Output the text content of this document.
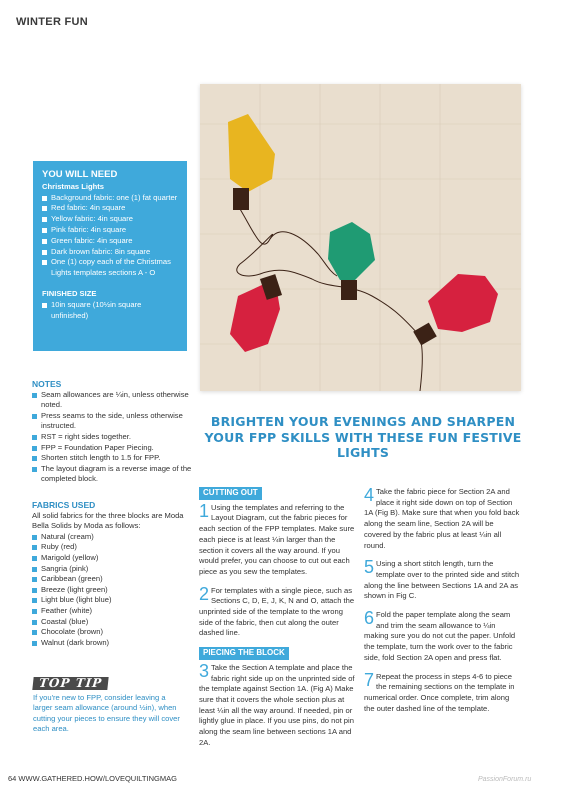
WINTER FUN
YOU WILL NEED
Christmas Lights
Background fabric: one (1) fat quarter
Red fabric: 4in square
Yellow fabric: 4in square
Pink fabric: 4in square
Green fabric: 4in square
Dark brown fabric: 8in square
One (1) copy each of the Christmas Lights templates sections A - O
FINISHED SIZE
10in square (10½in square unfinished)
NOTES
Seam allowances are ¼in, unless otherwise noted.
Press seams to the side, unless otherwise instructed.
RST = right sides together.
FPP = Foundation Paper Piecing.
Shorten stitch length to 1.5 for FPP.
The layout diagram is a reverse image of the completed block.
FABRICS USED
All solid fabrics for the three blocks are Moda Bella Solids by Moda as follows:
Natural (cream)
Ruby (red)
Marigold (yellow)
Sangria (pink)
Caribbean (green)
Breeze (light green)
Light blue (light blue)
Feather (white)
Coastal (blue)
Chocolate (brown)
Walnut (dark brown)
TOP TIP
If you're new to FPP, consider leaving a larger seam allowance (around ½in), when cutting your pieces to ensure they will cover each area.
BRIGHTEN YOUR EVENINGS AND SHARPEN YOUR FPP SKILLS WITH THESE FUN FESTIVE LIGHTS
CUTTING OUT
1 Using the templates and referring to the Layout Diagram, cut the fabric pieces for each section of the FPP templates. Make sure each piece is at least ¼in larger than the section it covers all the way around. If you would prefer, you can choose to cut out each piece as you sew the templates.
2 For templates with a single piece, such as Sections C, D, E, J, K, N and O, attach the unprinted side of the template to the wrong side of the fabric, then cut along the outer dashed line.
PIECING THE BLOCK
3 Take the Section A template and place the fabric right side up on the unprinted side of the template against Section 1A. (Fig A) Make sure that it covers the whole section plus at least ¼in all the way around. If needed, pin or lightly glue in place. If you use pins, do not pin along the seam line between sections 1A and 2A.
4 Take the fabric piece for Section 2A and place it right side down on top of Section 1A (Fig B). Make sure that when you fold back along the seam line, Section 2A will be covered by the fabric plus at least ¼in all round.
5 Using a short stitch length, turn the template over to the printed side and stitch along the line between Sections 1A and 2A as shown in Fig C.
6 Fold the paper template along the seam and trim the seam allowance to ¼in making sure you do not cut the paper. Unfold the template, turn the work over to the fabric side, fold Section 2A open and press flat.
7 Repeat the process in steps 4-6 to piece the remaining sections on the template in numerical order. Once complete, trim along the outer dashed line of the template.
64 WWW.GATHERED.HOW/LOVEQUILTINGMAG	PassionForum.ru
